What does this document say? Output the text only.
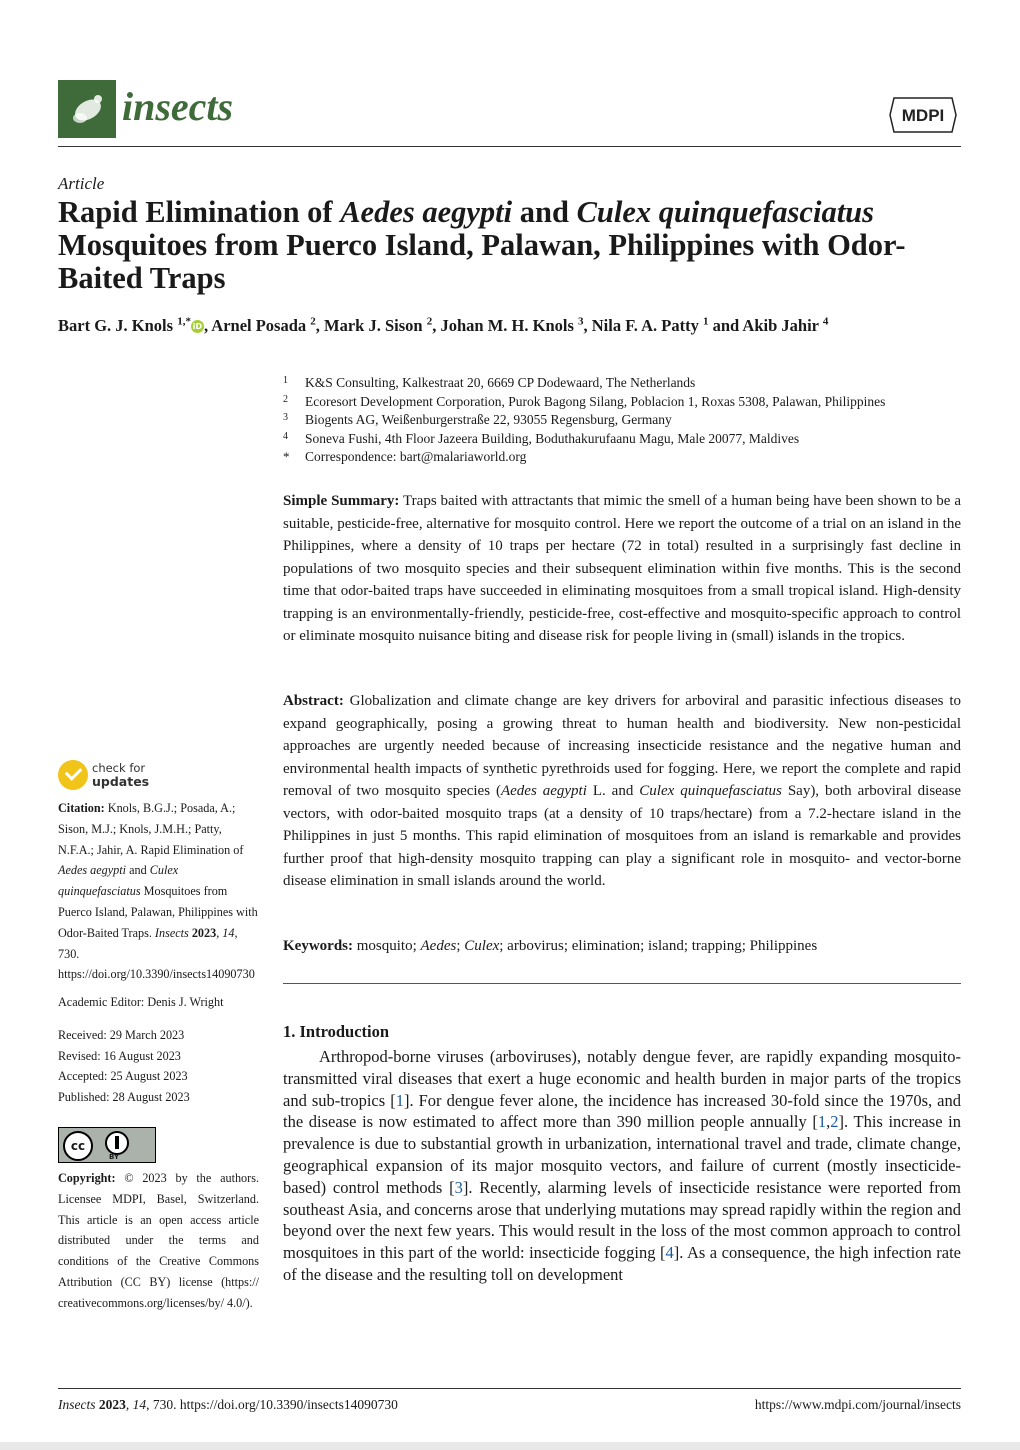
insects	MDPI
Article
Rapid Elimination of Aedes aegypti and Culex quinquefasciatus Mosquitoes from Puerco Island, Palawan, Philippines with Odor-Baited Traps
Bart G. J. Knols $^{1,*}$ iD , Arnel Posada $^2$, Mark J. Sison $^2$, Johan M. H. Knols $^3$, Nila F. A. Patty $^1$ and Akib Jahir $^4$
1	K&S Consulting, Kalkestraat 20, 6669 CP Dodewaard, The Netherlands
2	Ecoresort Development Corporation, Purok Bagong Silang, Poblacion 1, Roxas 5308, Palawan, Philippines
3	Biogents AG, Weißenburgerstraße 22, 93055 Regensburg, Germany
4	Soneva Fushi, 4th Floor Jazeera Building, Boduthakurufaanu Magu, Male 20077, Maldives
*	Correspondence: bart@malariaworld.org
Simple Summary: Traps baited with attractants that mimic the smell of a human being have been shown to be a suitable, pesticide-free, alternative for mosquito control. Here we report the outcome of a trial on an island in the Philippines, where a density of 10 traps per hectare (72 in total) resulted in a surprisingly fast decline in populations of two mosquito species and their subsequent elimination within five months. This is the second time that odor-baited traps have succeeded in eliminating mosquitoes from a small tropical island. High-density trapping is an environmentally-friendly, pesticide-free, cost-effective and mosquito-specific approach to control or eliminate mosquito nuisance biting and disease risk for people living in (small) islands in the tropics.
Abstract: Globalization and climate change are key drivers for arboviral and parasitic infectious diseases to expand geographically, posing a growing threat to human health and biodiversity. New non-pesticidal approaches are urgently needed because of increasing insecticide resistance and the negative human and environmental health impacts of synthetic pyrethroids used for fogging. Here, we report the complete and rapid removal of two mosquito species (Aedes aegypti L. and Culex quinquefasciatus Say), both arboviral disease vectors, with odor-baited mosquito traps (at a density of 10 traps/hectare) from a 7.2-hectare island in the Philippines in just 5 months. This rapid elimination of mosquitoes from an island is remarkable and provides further proof that high-density mosquito trapping can play a significant role in mosquito- and vector-borne disease elimination in small islands around the world.
Keywords: mosquito; Aedes; Culex; arbovirus; elimination; island; trapping; Philippines
1. Introduction
Arthropod-borne viruses (arboviruses), notably dengue fever, are rapidly expanding mosquito-transmitted viral diseases that exert a huge economic and health burden in major parts of the tropics and sub-tropics [1]. For dengue fever alone, the incidence has increased 30-fold since the 1970s, and the disease is now estimated to affect more than 390 million people annually [1,2]. This increase in prevalence is due to substantial growth in urbanization, international travel and trade, climate change, geographical expansion of its major mosquito vectors, and failure of current (mostly insecticide-based) control methods [3]. Recently, alarming levels of insecticide resistance were reported from southeast Asia, and concerns arose that underlying mutations may spread rapidly within the region and beyond over the next few years. This would result in the loss of the most common approach to control mosquitoes in this part of the world: insecticide fogging [4]. As a consequence, the high infection rate of the disease and the resulting toll on development
check for
updates
Citation: Knols, B.G.J.; Posada, A.; Sison, M.J.; Knols, J.M.H.; Patty, N.F.A.; Jahir, A. Rapid Elimination of Aedes aegypti and Culex quinquefasciatus Mosquitoes from Puerco Island, Palawan, Philippines with Odor-Baited Traps. Insects 2023, 14, 730. https://doi.org/10.3390/insects14090730
Academic Editor: Denis J. Wright
Received: 29 March 2023
Revised: 16 August 2023
Accepted: 25 August 2023
Published: 28 August 2023
cc
BY
Copyright: © 2023 by the authors. Licensee MDPI, Basel, Switzerland. This article is an open access article distributed under the terms and conditions of the Creative Commons Attribution (CC BY) license (https:// creativecommons.org/licenses/by/ 4.0/).
Insects 2023, 14, 730. https://doi.org/10.3390/insects14090730	https://www.mdpi.com/journal/insects
